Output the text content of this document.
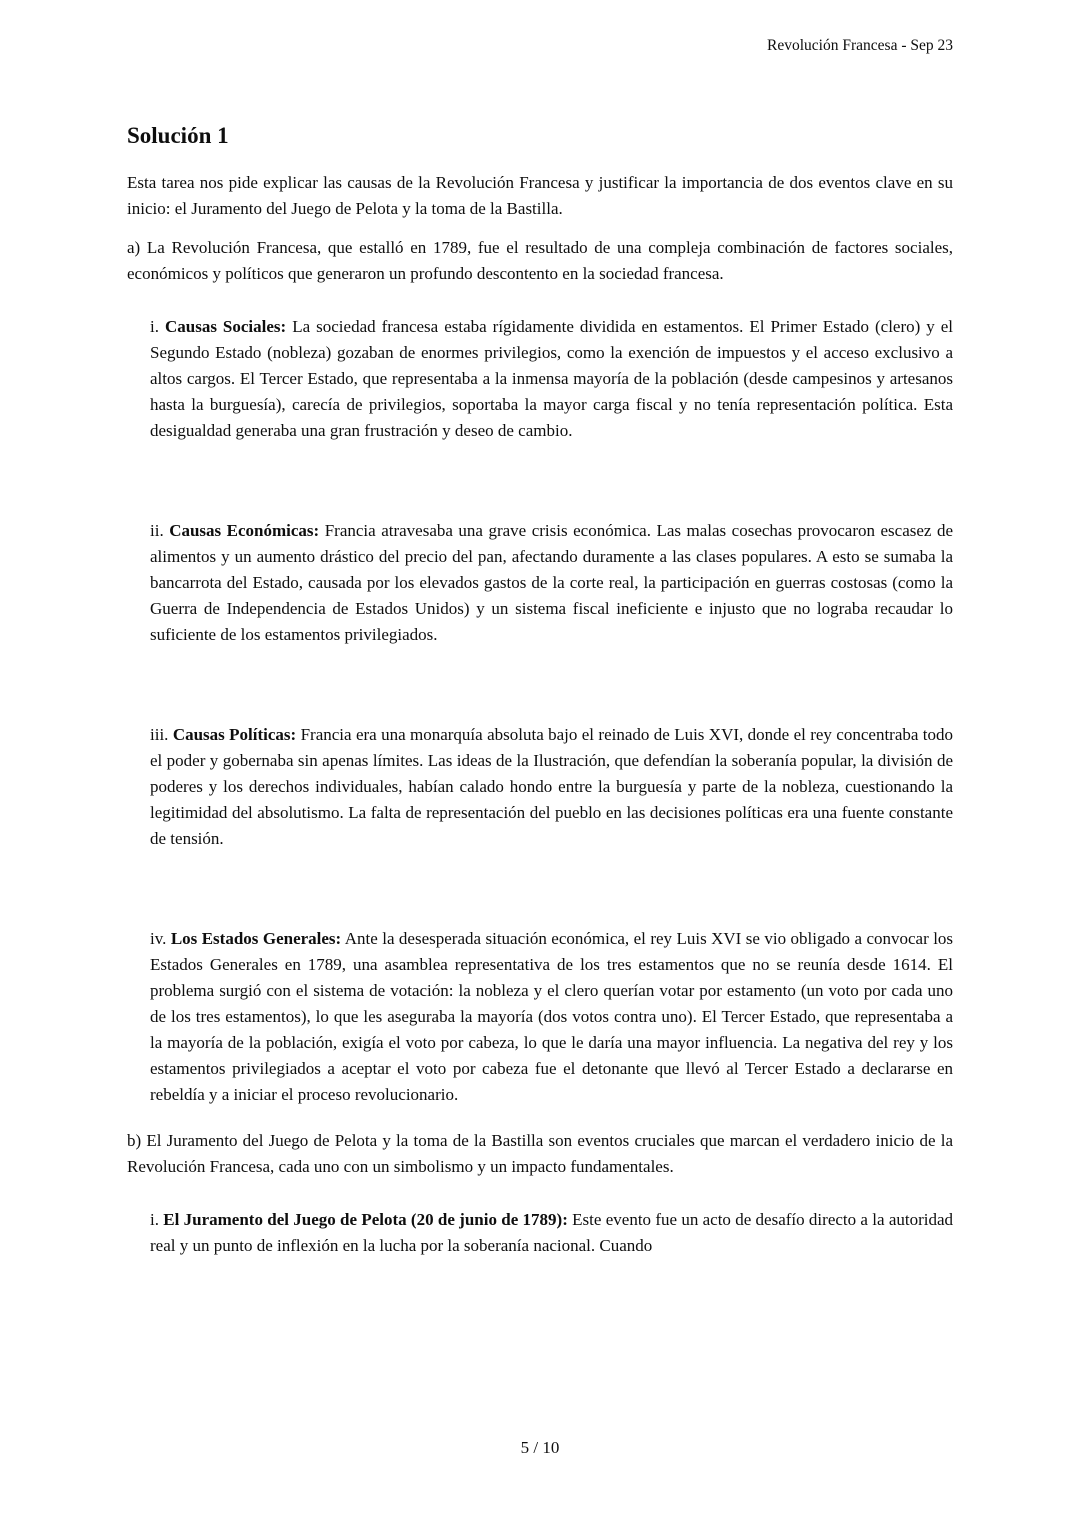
Revolución Francesa - Sep 23
Solución 1

Esta tarea nos pide explicar las causas de la Revolución Francesa y justificar la importancia de dos eventos clave en su inicio: el Juramento del Juego de Pelota y la toma de la Bastilla.

a) La Revolución Francesa, que estalló en 1789, fue el resultado de una compleja combinación de factores sociales, económicos y políticos que generaron un profundo descontento en la sociedad francesa.

i. Causas Sociales: La sociedad francesa estaba rígidamente dividida en estamentos. El Primer Estado (clero) y el Segundo Estado (nobleza) gozaban de enormes privilegios, como la exención de impuestos y el acceso exclusivo a altos cargos. El Tercer Estado, que representaba a la inmensa mayoría de la población (desde campesinos y artesanos hasta la burguesía), carecía de privilegios, soportaba la mayor carga fiscal y no tenía representación política. Esta desigualdad generaba una gran frustración y deseo de cambio.

ii. Causas Económicas: Francia atravesaba una grave crisis económica. Las malas cosechas provocaron escasez de alimentos y un aumento drástico del precio del pan, afectando duramente a las clases populares. A esto se sumaba la bancarrota del Estado, causada por los elevados gastos de la corte real, la participación en guerras costosas (como la Guerra de Independencia de Estados Unidos) y un sistema fiscal ineficiente e injusto que no lograba recaudar lo suficiente de los estamentos privilegiados.

iii. Causas Políticas: Francia era una monarquía absoluta bajo el reinado de Luis XVI, donde el rey concentraba todo el poder y gobernaba sin apenas límites. Las ideas de la Ilustración, que defendían la soberanía popular, la división de poderes y los derechos individuales, habían calado hondo entre la burguesía y parte de la nobleza, cuestionando la legitimidad del absolutismo. La falta de representación del pueblo en las decisiones políticas era una fuente constante de tensión.

iv. Los Estados Generales: Ante la desesperada situación económica, el rey Luis XVI se vio obligado a convocar los Estados Generales en 1789, una asamblea representativa de los tres estamentos que no se reunía desde 1614. El problema surgió con el sistema de votación: la nobleza y el clero querían votar por estamento (un voto por cada uno de los tres estamentos), lo que les aseguraba la mayoría (dos votos contra uno). El Tercer Estado, que representaba a la mayoría de la población, exigía el voto por cabeza, lo que le daría una mayor influencia. La negativa del rey y los estamentos privilegiados a aceptar el voto por cabeza fue el detonante que llevó al Tercer Estado a declararse en rebeldía y a iniciar el proceso revolucionario.

b) El Juramento del Juego de Pelota y la toma de la Bastilla son eventos cruciales que marcan el verdadero inicio de la Revolución Francesa, cada uno con un simbolismo y un impacto fundamentales.

i. El Juramento del Juego de Pelota (20 de junio de 1789): Este evento fue un acto de desafío directo a la autoridad real y un punto de inflexión en la lucha por la soberanía nacional. Cuando

5 / 10
